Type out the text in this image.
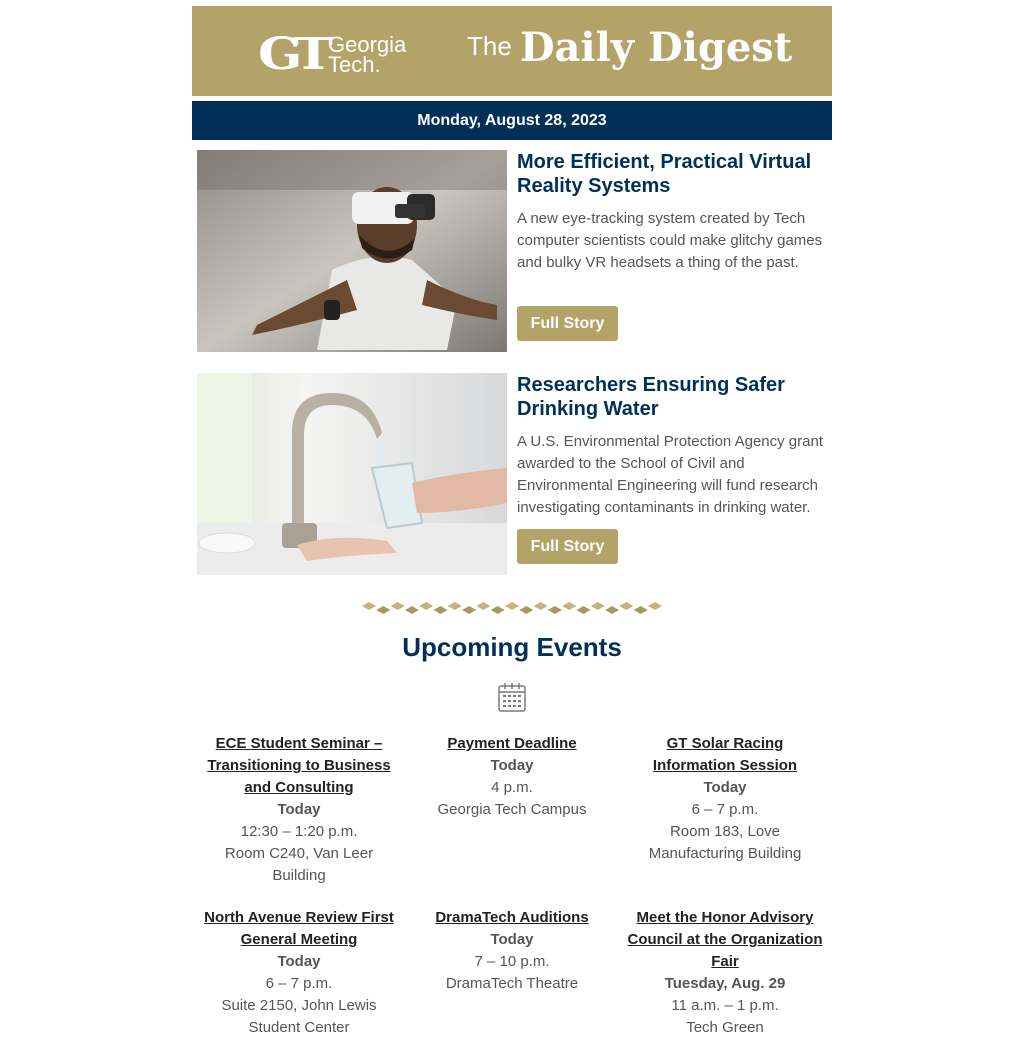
GT Georgia
Tech.
The Daily Digest
Monday, August 28, 2023
More Efficient, Practical Virtual Reality Systems

A new eye-tracking system created by Tech computer scientists could make glitchy games and bulky VR headsets a thing of the past.

Full Story
Researchers Ensuring Safer Drinking Water

A U.S. Environmental Protection Agency grant awarded to the School of Civil and Environmental Engineering will fund research investigating contaminants in drinking water.

Full Story
Upcoming Events
ECE Student Seminar – Transitioning to Business and Consulting
Today
12:30 – 1:20 p.m.
Room C240, Van Leer Building
Payment Deadline
Today
4 p.m.
Georgia Tech Campus
GT Solar Racing Information Session
Today
6 – 7 p.m.
Room 183, Love Manufacturing Building
North Avenue Review First General Meeting
Today
6 – 7 p.m.
Suite 2150, John Lewis Student Center
DramaTech Auditions
Today
7 – 10 p.m.
DramaTech Theatre
Meet the Honor Advisory Council at the Organization Fair
Tuesday, Aug. 29
11 a.m. – 1 p.m.
Tech Green
